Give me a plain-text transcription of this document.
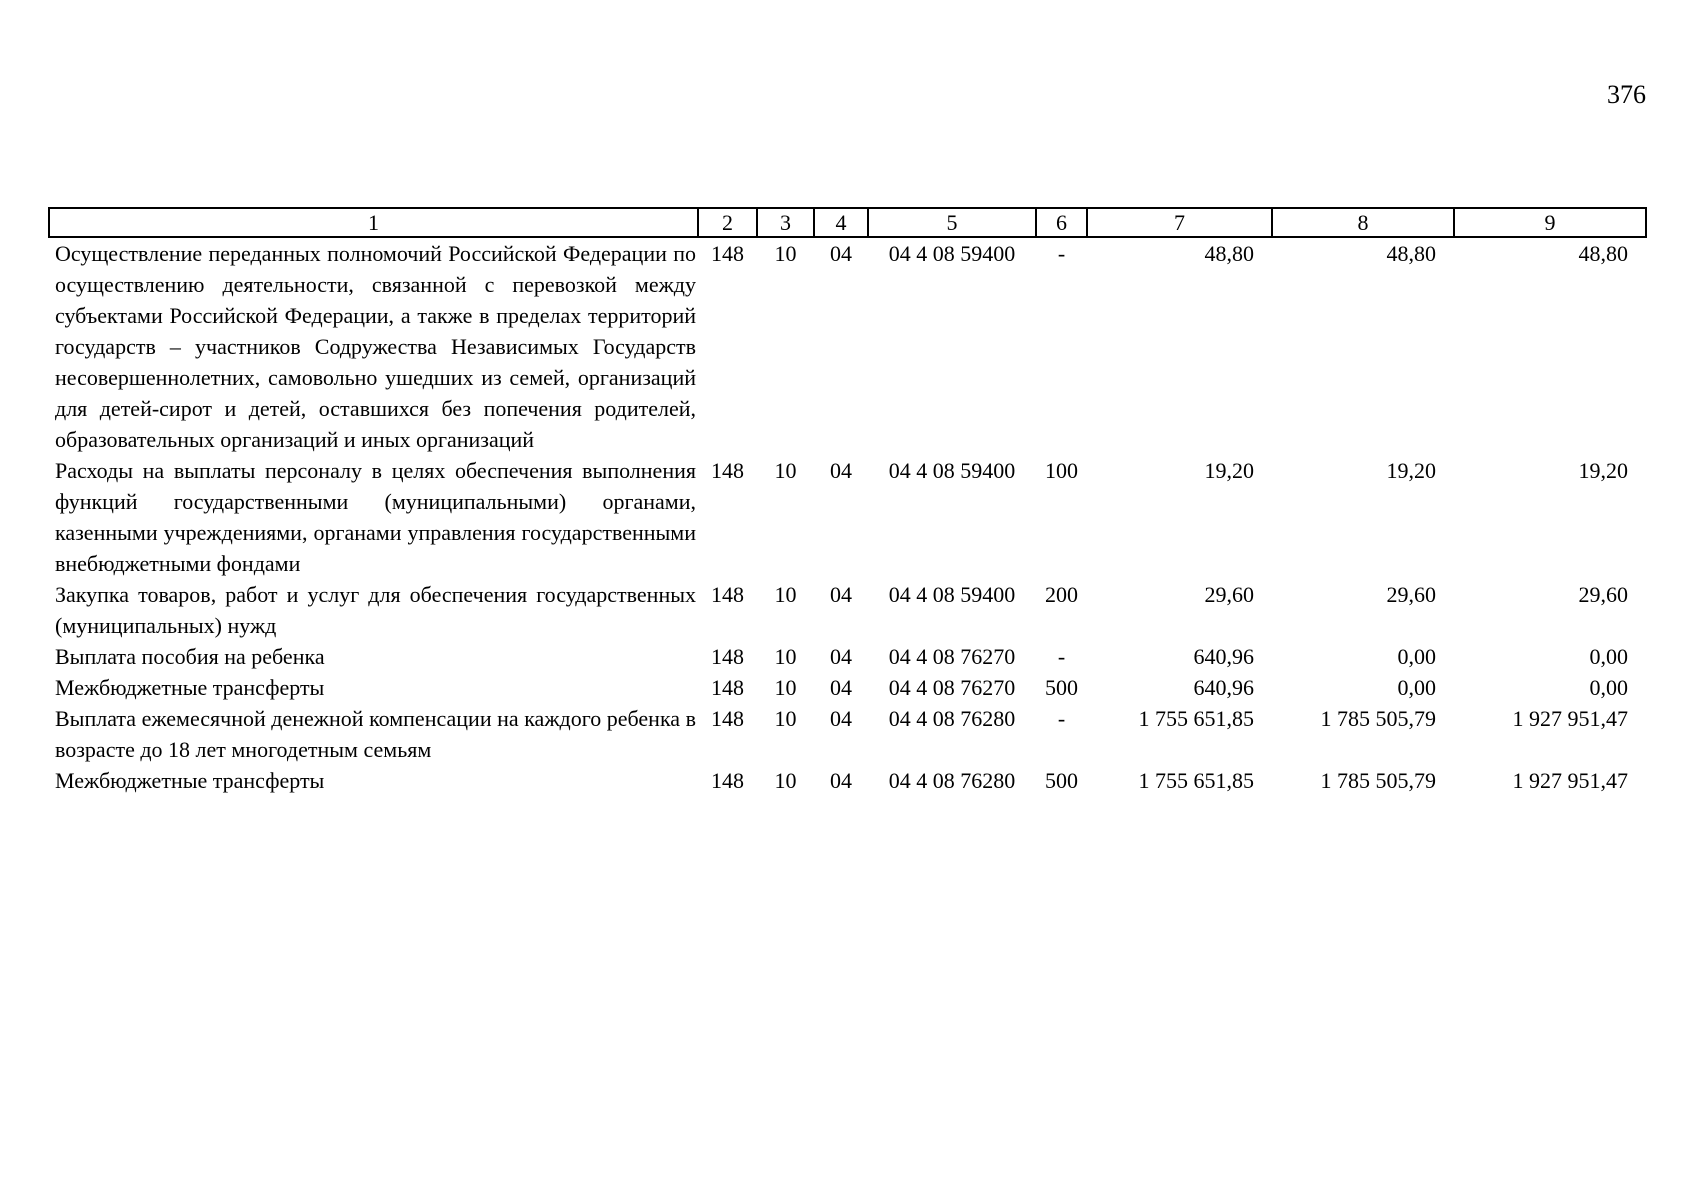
376
1	2	3	4	5	6	7	8	9
Осуществление переданных полномочий Российской Федерации по осуществлению деятельности, связанной с перевозкой между субъектами Российской Федерации, а также в пределах территорий государств – участников Содружества Независимых Государств несовершеннолетних, самовольно ушедших из семей, организаций для детей-сирот и детей, оставшихся без попечения родителей, образовательных организаций и иных организаций	148	10	04	04 4 08 59400	-	48,80	48,80	48,80
Расходы на выплаты персоналу в целях обеспечения выполнения функций государственными (муниципальными) органами, казенными учреждениями, органами управления государственными внебюджетными фондами	148	10	04	04 4 08 59400	100	19,20	19,20	19,20
Закупка товаров, работ и услуг для обеспечения государственных (муниципальных) нужд	148	10	04	04 4 08 59400	200	29,60	29,60	29,60
Выплата пособия на ребенка	148	10	04	04 4 08 76270	-	640,96	0,00	0,00
Межбюджетные трансферты	148	10	04	04 4 08 76270	500	640,96	0,00	0,00
Выплата ежемесячной денежной компенсации на каждого ребенка в возрасте до 18 лет многодетным семьям	148	10	04	04 4 08 76280	-	1 755 651,85	1 785 505,79	1 927 951,47
Межбюджетные трансферты	148	10	04	04 4 08 76280	500	1 755 651,85	1 785 505,79	1 927 951,47
